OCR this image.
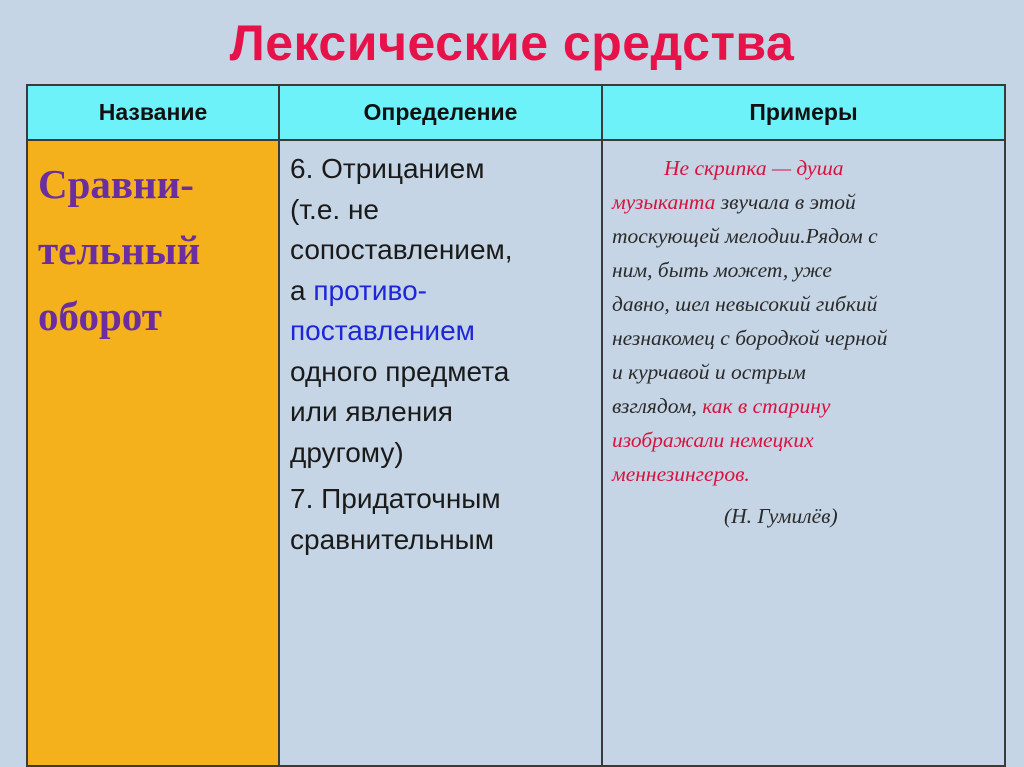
Лексические средства
Название	Определение	Примеры
Сравни-
тельный
оборот
6. Отрицанием
(т.е. не
сопоставлением,
а противо-
поставлением
одного предмета
или явления
другому)
7. Придаточным
сравнительным
Не скрипка — душа
музыканта звучала в этой
тоскующей мелодии.Рядом с
ним, быть может, уже
давно, шел невысокий гибкий
незнакомец с бородкой черной
и курчавой и острым
взглядом, как в старину
изображали немецких
меннезингеров.
(Н. Гумилёв)
